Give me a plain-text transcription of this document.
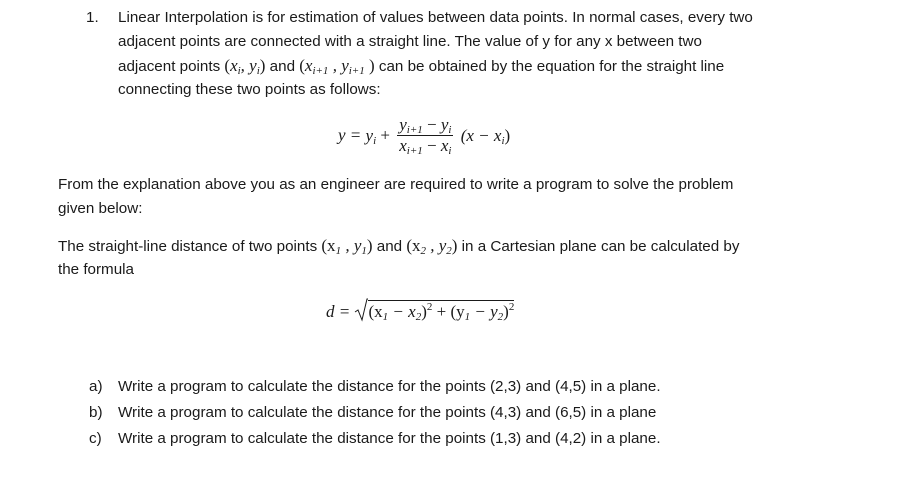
1. Linear Interpolation is for estimation of values between data points. In normal cases, every two
adjacent points are connected with a straight line. The value of y for any x between two
adjacent points ($x_i$, $y_i$) and ($x_{i+1}$ , $y_{i+1}$ ) can be obtained by the equation for the straight line
connecting these two points as follows:
$y = y_i + \frac{y_{i+1} - y_i}{x_{i+1} - x_i} (x - x_i)$
From the explanation above you as an engineer are required to write a program to solve the problem
given below:
The straight-line distance of two points ($x_1$ , $y_1$) and ($x_2$ , $y_2$) in a Cartesian plane can be calculated by
the formula
$d = (x_1 - x_2)^2 + (y_1 - y_2)^2$
a) Write a program to calculate the distance for the points (2,3) and (4,5) in a plane.
b) Write a program to calculate the distance for the points (4,3) and (6,5) in a plane
c) Write a program to calculate the distance for the points (1,3) and (4,2) in a plane.
